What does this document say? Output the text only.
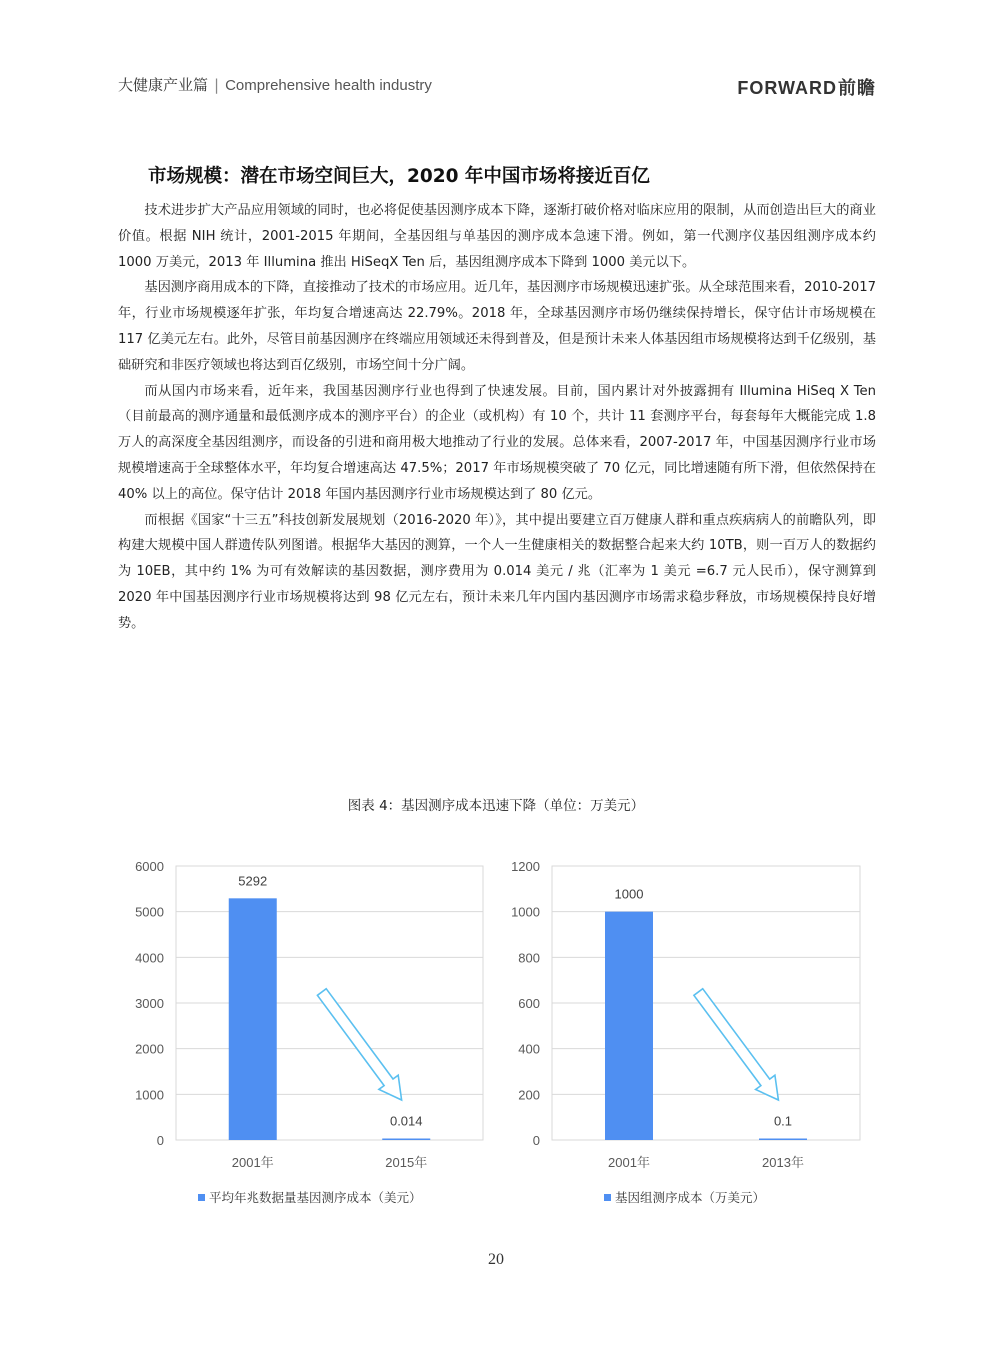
大健康产业篇 | Comprehensive health industry	FORWARD前瞻
市场规模：潜在市场空间巨大，2020 年中国市场将接近百亿

技术进步扩大产品应用领域的同时，也必将促使基因测序成本下降，逐渐打破价格对临床应用的限制，从而创造出巨大的商业价值。根据 NIH 统计，2001-2015 年期间，全基因组与单基因的测序成本急速下滑。例如，第一代测序仪基因组测序成本约 1000 万美元，2013 年 Illumina 推出 HiSeqX Ten 后，基因组测序成本下降到 1000 美元以下。

基因测序商用成本的下降，直接推动了技术的市场应用。近几年，基因测序市场规模迅速扩张。从全球范围来看，2010-2017 年，行业市场规模逐年扩张，年均复合增速高达 22.79%。2018 年，全球基因测序市场仍继续保持增长，保守估计市场规模在 117 亿美元左右。此外，尽管目前基因测序在终端应用领域还未得到普及，但是预计未来人体基因组市场规模将达到千亿级别，基础研究和非医疗领域也将达到百亿级别，市场空间十分广阔。

而从国内市场来看，近年来，我国基因测序行业也得到了快速发展。目前，国内累计对外披露拥有 Illumina HiSeq X Ten（目前最高的测序通量和最低测序成本的测序平台）的企业（或机构）有 10 个，共计 11 套测序平台，每套每年大概能完成 1.8 万人的高深度全基因组测序，而设备的引进和商用极大地推动了行业的发展。总体来看，2007-2017 年，中国基因测序行业市场规模增速高于全球整体水平，年均复合增速高达 47.5%；2017 年市场规模突破了 70 亿元，同比增速随有所下滑，但依然保持在 40% 以上的高位。保守估计 2018 年国内基因测序行业市场规模达到了 80 亿元。

而根据《国家“十三五”科技创新发展规划（2016-2020 年）》，其中提出要建立百万健康人群和重点疾病病人的前瞻队列，即构建大规模中国人群遗传队列图谱。根据华大基因的测算，一个人一生健康相关的数据整合起来大约 10TB，则一百万人的数据约为 10EB，其中约 1% 为可有效解读的基因数据，测序费用为 0.014 美元 / 兆（汇率为 1 美元 =6.7 元人民币），保守测算到 2020 年中国基因测序行业市场规模将达到 98 亿元左右，预计未来几年内国内基因测序市场需求稳步释放，市场规模保持良好增势。

图表 4：基因测序成本迅速下降（单位：万美元）
0
1000
2000
3000
4000
5000
6000
5292
2001年
0.014
2015年
平均年兆数据量基因测序成本（美元）
0
200
400
600
800
1000
1200
1000
2001年
0.1
2013年
基因组测序成本（万美元）
20
